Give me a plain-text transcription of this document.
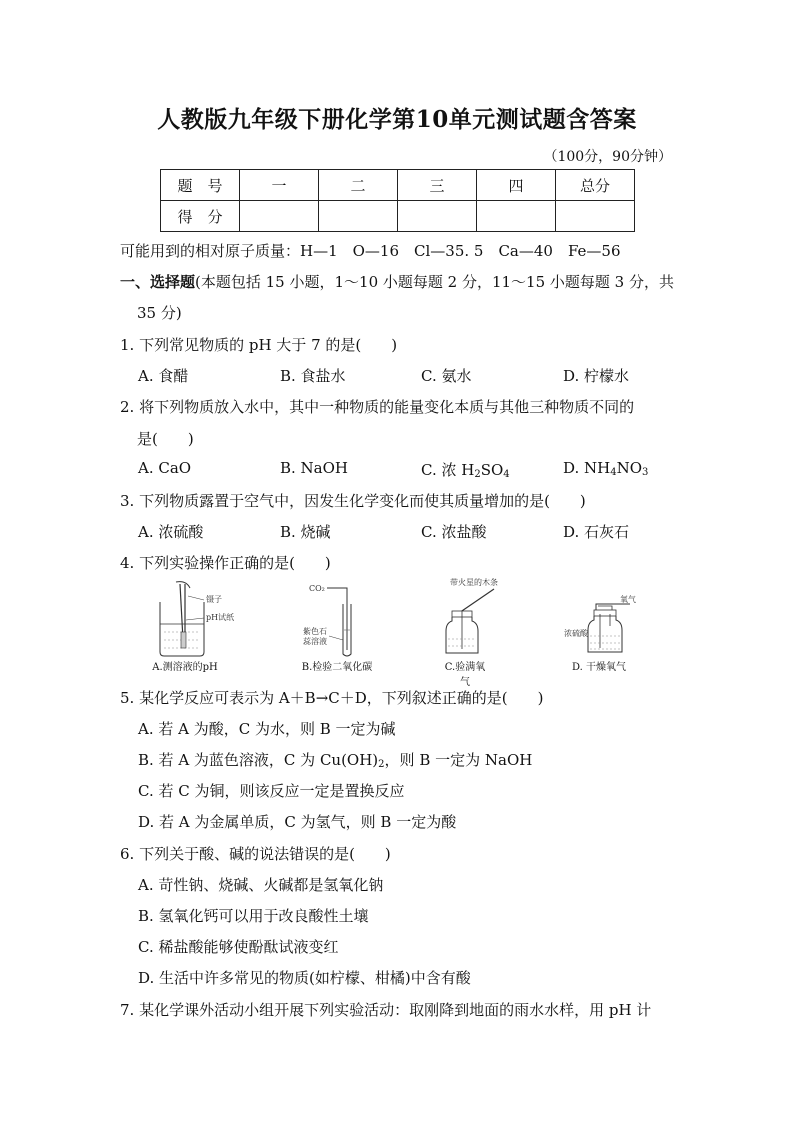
人教版九年级下册化学第10单元测试题含答案
（100分，90分钟）
题　号	一	二	三	四	总分
得　分					
可能用到的相对原子质量：H—1　O—16　Cl—35. 5　Ca—40　Fe—56
一、选择题(本题包括 15 小题，1～10 小题每题 2 分，11～15 小题每题 3 分，共
35 分)
1. 下列常见物质的 pH 大于 7 的是(　　)
A. 食醋	B. 食盐水	C. 氨水	D. 柠檬水
2. 将下列物质放入水中，其中一种物质的能量变化本质与其他三种物质不同的
是(　　)
A. CaO	B. NaOH	C. 浓 $H_2SO_4$	D. $NH_4NO_3$
3. 下列物质露置于空气中，因发生化学变化而使其质量增加的是(　　)
A. 浓硫酸	B. 烧碱	C. 浓盐酸	D. 石灰石
4. 下列实验操作正确的是(　　)
镊子
pH试纸
A.测溶液的pH
CO₂
紫色石
蕊溶液
B.检验二氧化碳
带火星的木条
C.验满氧气
氧气
浓硫酸
D. 干燥氧气
5. 某化学反应可表示为 A＋B→C＋D，下列叙述正确的是(　　)
A. 若 A 为酸，C 为水，则 B 一定为碱
B. 若 A 为蓝色溶液，C 为 $Cu(OH)_2$，则 B 一定为 NaOH
C. 若 C 为铜，则该反应一定是置换反应
D. 若 A 为金属单质，C 为氢气，则 B 一定为酸
6. 下列关于酸、碱的说法错误的是(　　)
A. 苛性钠、烧碱、火碱都是氢氧化钠
B. 氢氧化钙可以用于改良酸性土壤
C. 稀盐酸能够使酚酞试液变红
D. 生活中许多常见的物质(如柠檬、柑橘)中含有酸
7. 某化学课外活动小组开展下列实验活动：取刚降到地面的雨水水样，用 pH 计
